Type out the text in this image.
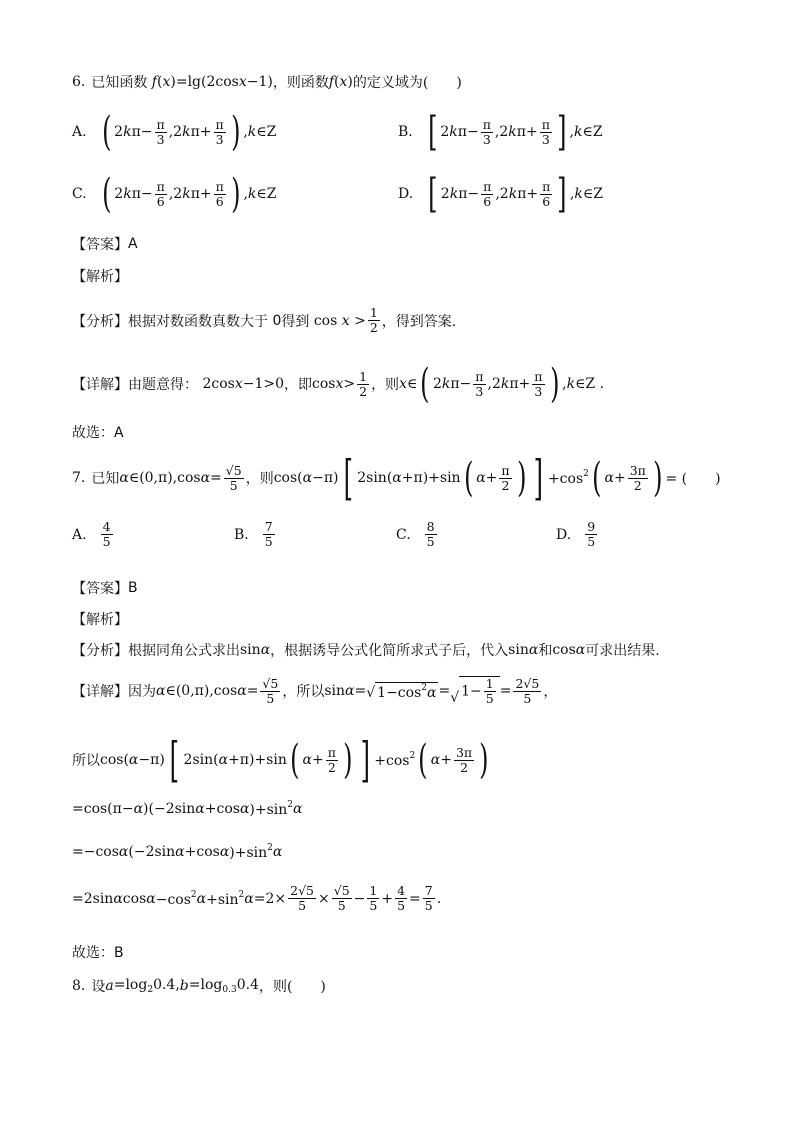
6. 已知函数 f ( x )=lg(2cos x −1) ，则函数 f ( x ) 的定义域为 (　　)
A. ( 2 k $\pi- \frac{\pi}{3} ,2$ k $\pi+ \frac{\pi}{3}$ ) , k ∈Z	B. [ 2 k $\pi- \frac{\pi}{3} ,2$ k $\pi+ \frac{\pi}{3}$ ] , k ∈Z
C. ( 2 k $\pi- \frac{\pi}{6} ,2$ k $\pi+ \frac{\pi}{6}$ ) , k ∈Z	D. [ 2 k $\pi- \frac{\pi}{6} ,2$ k $\pi+ \frac{\pi}{6}$ ] , k ∈Z
【答案】 A
【解析】
【分析】 根据对数函数真数大于
0 得到 $\cos x > \frac{1}{2}$ ，得到答案.
【详解】 由题意得： 2cos x −1>0 ，即 $\cos x > \frac{1}{2}$ ，则 x ∈ ( 2 k $\pi- \frac{\pi}{3} ,2$ k $\pi+ \frac{\pi}{3}$ ) , k ∈Z .
故选：A
7. 已知 α ∈(0,π),cos $\alpha = \frac{√5}{5}$ ，则 cos( α −π) [ 2sin( α +π)+sin ( $\alpha + \frac{\pi}{2}$ ) ] $+\cos^2$ ( $\alpha + \frac{3\pi}{2}$ ) = (　　)
A. $\frac{4}{5}$	B. $\frac{7}{5}$	C. $\frac{8}{5}$	D. $\frac{9}{5}$
【答案】 B
【解析】
【分析】 根据同角公式求出 sin α ，根据诱导公式化简所求式子后，代入 sin α 和 cos α 可求出结果.
【详解】 因为 α ∈(0,π),cos $\alpha = \frac{√5}{5}$ ，所以 sin α = √ $1-\cos^2\alpha$ = √ $1- \frac{1}{5} = \frac{2√5}{5}$ ，
所以 cos( α −π) [ 2sin( α +π)+sin ( $\alpha + \frac{\pi}{2}$ ) ] $+\cos^2$ ( $\alpha + \frac{3\pi}{2}$ )
=cos(π− α )(−2sin α +cos α )$+\sin^2$ α
=−cos α (−2sin α +cos α )$+\sin^2$ α
=2sin α $\cos \alpha -\cos^2$ $\alpha +\sin^2$ $\alpha =2\times \frac{2√5}{5} \times \frac{√5}{5} - \frac{1}{5} + \frac{4}{5} = \frac{7}{5}$ .
故选：B
8. 设 $a =\log_20.4$, $b =\log_{0.3}0.4$ ，则(　　)
